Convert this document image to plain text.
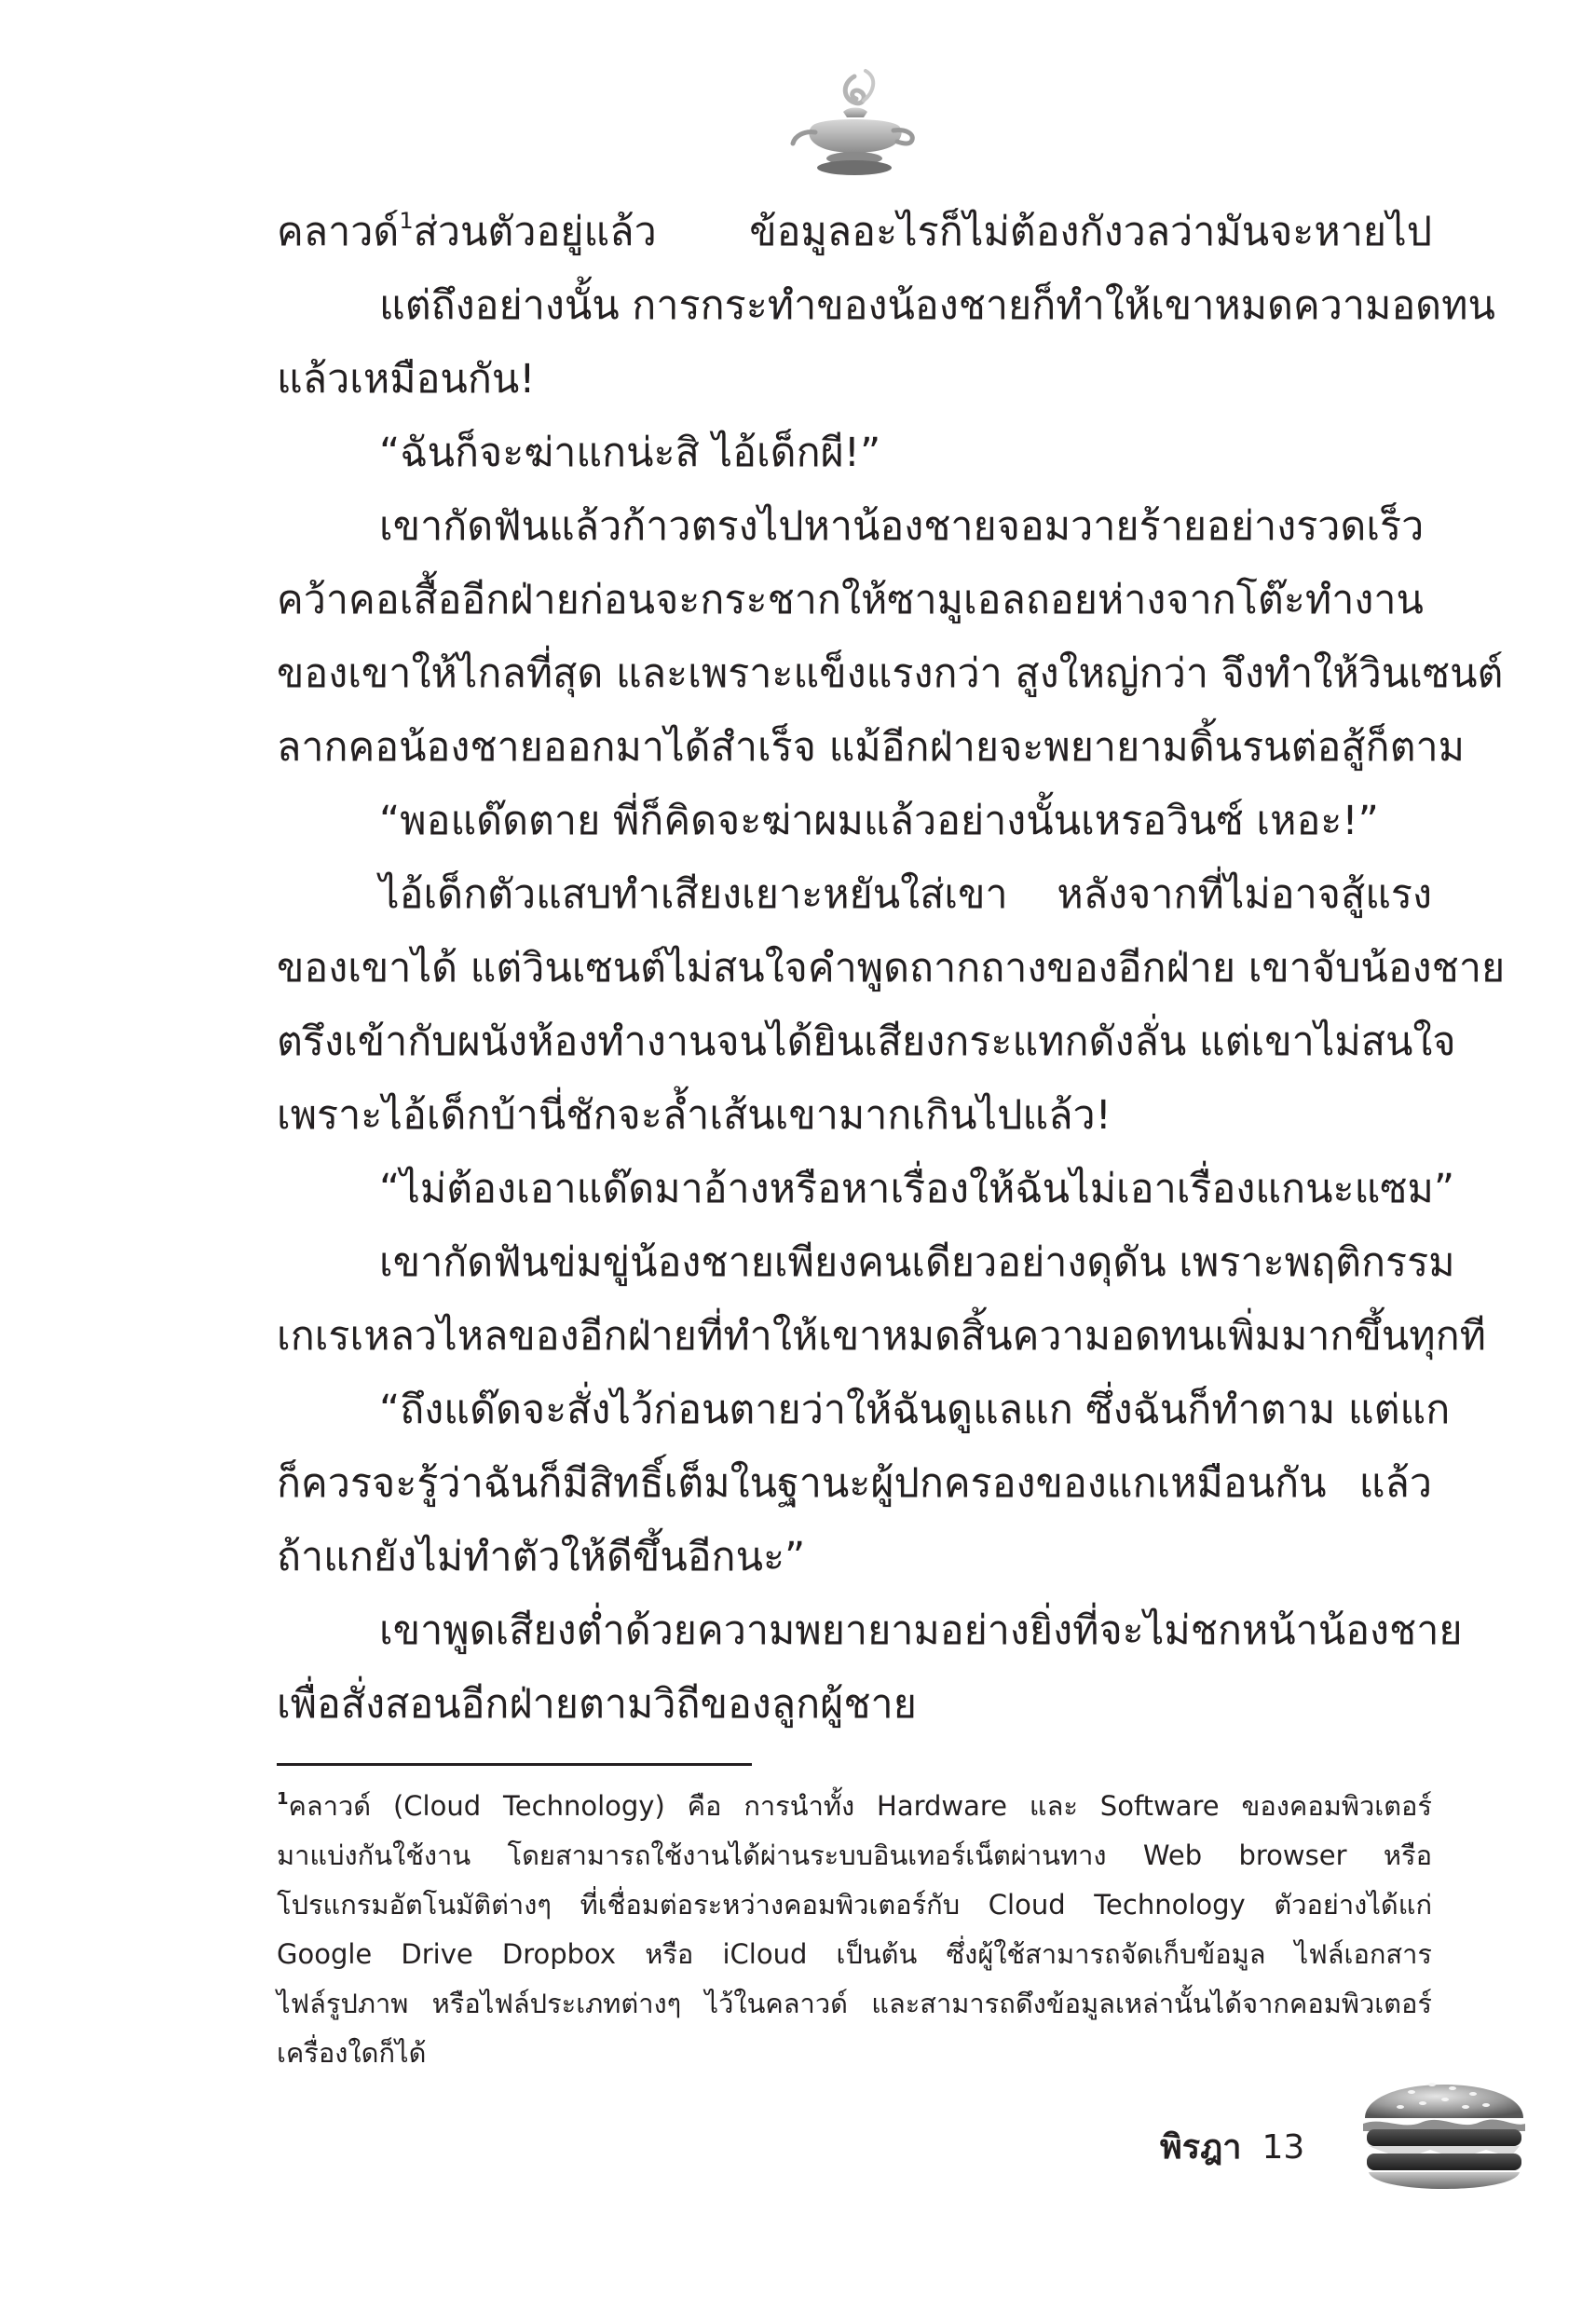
คลาวด์$^1$ส่วนตัวอยู่แล้ว ข้อมูลอะไรก็ไม่ต้องกังวลว่ามันจะหายไป
แต่ถึงอย่างนั้น การกระทำของน้องชายก็ทำให้เขาหมดความอดทน
แล้วเหมือนกัน!
“ฉันก็จะฆ่าแกน่ะสิ ไอ้เด็กผี!”
เขากัดฟันแล้วก้าวตรงไปหาน้องชายจอมวายร้ายอย่างรวดเร็ว
คว้าคอเสื้ออีกฝ่ายก่อนจะกระชากให้ซามูเอลถอยห่างจากโต๊ะทำงาน
ของเขาให้ไกลที่สุด และเพราะแข็งแรงกว่า สูงใหญ่กว่า จึงทำให้วินเซนต์
ลากคอน้องชายออกมาได้สำเร็จ แม้อีกฝ่ายจะพยายามดิ้นรนต่อสู้ก็ตาม
“พอแด๊ดตาย พี่ก็คิดจะฆ่าผมแล้วอย่างนั้นเหรอวินซ์ เหอะ!”
ไอ้เด็กตัวแสบทำเสียงเยาะหยันใส่เขา หลังจากที่ไม่อาจสู้แรง
ของเขาได้ แต่วินเซนต์ไม่สนใจคำพูดถากถางของอีกฝ่าย เขาจับน้องชาย
ตรึงเข้ากับผนังห้องทำงานจนได้ยินเสียงกระแทกดังลั่น แต่เขาไม่สนใจ
เพราะไอ้เด็กบ้านี่ชักจะล้ำเส้นเขามากเกินไปแล้ว!
“ไม่ต้องเอาแด๊ดมาอ้างหรือหาเรื่องให้ฉันไม่เอาเรื่องแกนะแซม”
เขากัดฟันข่มขู่น้องชายเพียงคนเดียวอย่างดุดัน เพราะพฤติกรรม
เกเรเหลวไหลของอีกฝ่ายที่ทำให้เขาหมดสิ้นความอดทนเพิ่มมากขึ้นทุกที
“ถึงแด๊ดจะสั่งไว้ก่อนตายว่าให้ฉันดูแลแก ซึ่งฉันก็ทำตาม แต่แก
ก็ควรจะรู้ว่าฉันก็มีสิทธิ์เต็มในฐานะผู้ปกครองของแกเหมือนกัน แล้ว
ถ้าแกยังไม่ทำตัวให้ดีขึ้นอีกนะ”
เขาพูดเสียงต่ำด้วยความพยายามอย่างยิ่งที่จะไม่ชกหน้าน้องชาย
เพื่อสั่งสอนอีกฝ่ายตามวิถีของลูกผู้ชาย
$^1$คลาวด์ (Cloud Technology) คือ การนำทั้ง Hardware และ Software ของคอมพิวเตอร์
มาแบ่งกันใช้งาน โดยสามารถใช้งานได้ผ่านระบบอินเทอร์เน็ตผ่านทาง Web browser หรือ
โปรแกรมอัตโนมัติต่างๆ ที่เชื่อมต่อระหว่างคอมพิวเตอร์กับ Cloud Technology ตัวอย่างได้แก่
Google Drive Dropbox หรือ iCloud เป็นต้น ซึ่งผู้ใช้สามารถจัดเก็บข้อมูล ไฟล์เอกสาร
ไฟล์รูปภาพ หรือไฟล์ประเภทต่างๆ ไว้ในคลาวด์ และสามารถดึงข้อมูลเหล่านั้นได้จากคอมพิวเตอร์
เครื่องใดก็ได้
พิรฎา 13
